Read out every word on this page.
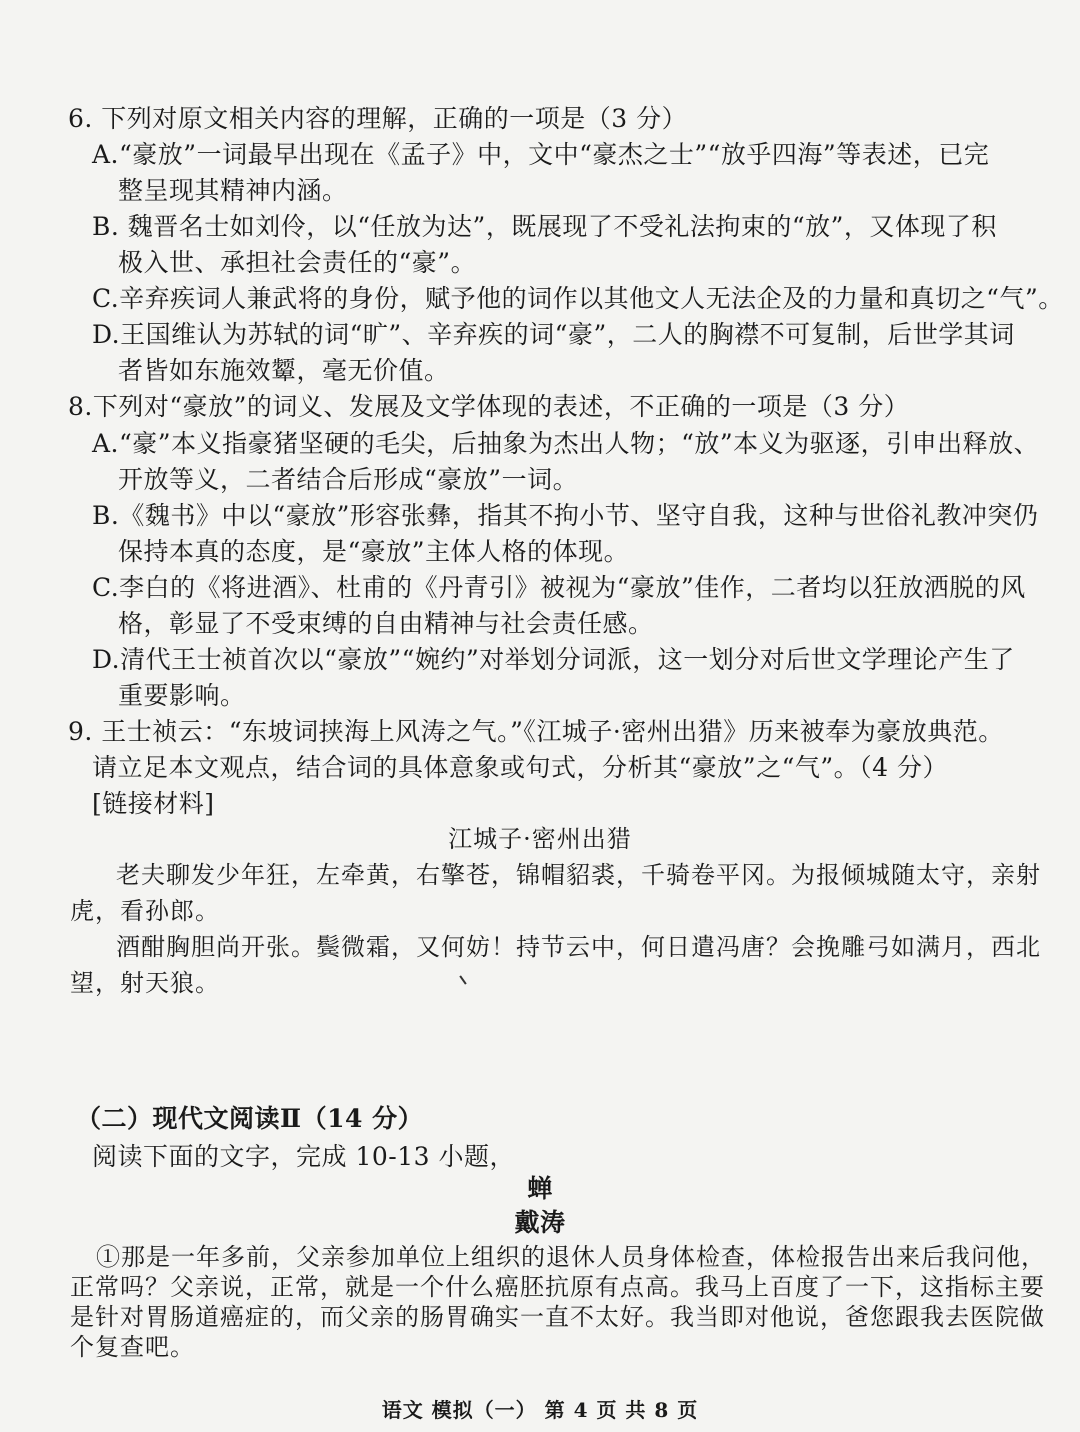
6. 下列对原文相关内容的理解，正确的一项是（3 分）
A.“豪放”一词最早出现在《孟子》中，文中“豪杰之士”“放乎四海”等表述，已完
整呈现其精神内涵。
B. 魏晋名士如刘伶，以“任放为达”，既展现了不受礼法拘束的“放”，又体现了积
极入世、承担社会责任的“豪”。
C.辛弃疾词人兼武将的身份，赋予他的词作以其他文人无法企及的力量和真切之“气”。
D.王国维认为苏轼的词“旷”、辛弃疾的词“豪”，二人的胸襟不可复制，后世学其词
者皆如东施效颦，毫无价值。
8.下列对“豪放”的词义、发展及文学体现的表述，不正确的一项是（3 分）
A.“豪”本义指豪猪坚硬的毛尖，后抽象为杰出人物；“放”本义为驱逐，引申出释放、
开放等义，二者结合后形成“豪放”一词。
B.《魏书》中以“豪放”形容张彝，指其不拘小节、坚守自我，这种与世俗礼教冲突仍
保持本真的态度，是“豪放”主体人格的体现。
C.李白的《将进酒》、杜甫的《丹青引》被视为“豪放”佳作，二者均以狂放洒脱的风
格，彰显了不受束缚的自由精神与社会责任感。
D.清代王士祯首次以“豪放”“婉约”对举划分词派，这一划分对后世文学理论产生了
重要影响。
9. 王士祯云：“东坡词挟海上风涛之气。”《江城子·密州出猎》历来被奉为豪放典范。
请立足本文观点，结合词的具体意象或句式，分析其“豪放”之“气”。（4 分）
[链接材料]
江城子·密州出猎
老夫聊发少年狂，左牵黄，右擎苍，锦帽貂裘，千骑卷平冈。为报倾城随太守，亲射
虎，看孙郎。
酒酣胸胆尚开张。鬓微霜，又何妨！持节云中，何日遣冯唐？会挽雕弓如满月，西北
望，射天狼。
（二）现代文阅读Ⅱ（14 分）
阅读下面的文字，完成 10-13 小题，
蝉
戴涛
①那是一年多前，父亲参加单位上组织的退休人员身体检查，体检报告出来后我问他，
正常吗？父亲说，正常，就是一个什么癌胚抗原有点高。我马上百度了一下，这指标主要
是针对胃肠道癌症的，而父亲的肠胃确实一直不太好。我当即对他说，爸您跟我去医院做
个复查吧。
语文 模拟（一） 第 4 页 共 8 页
